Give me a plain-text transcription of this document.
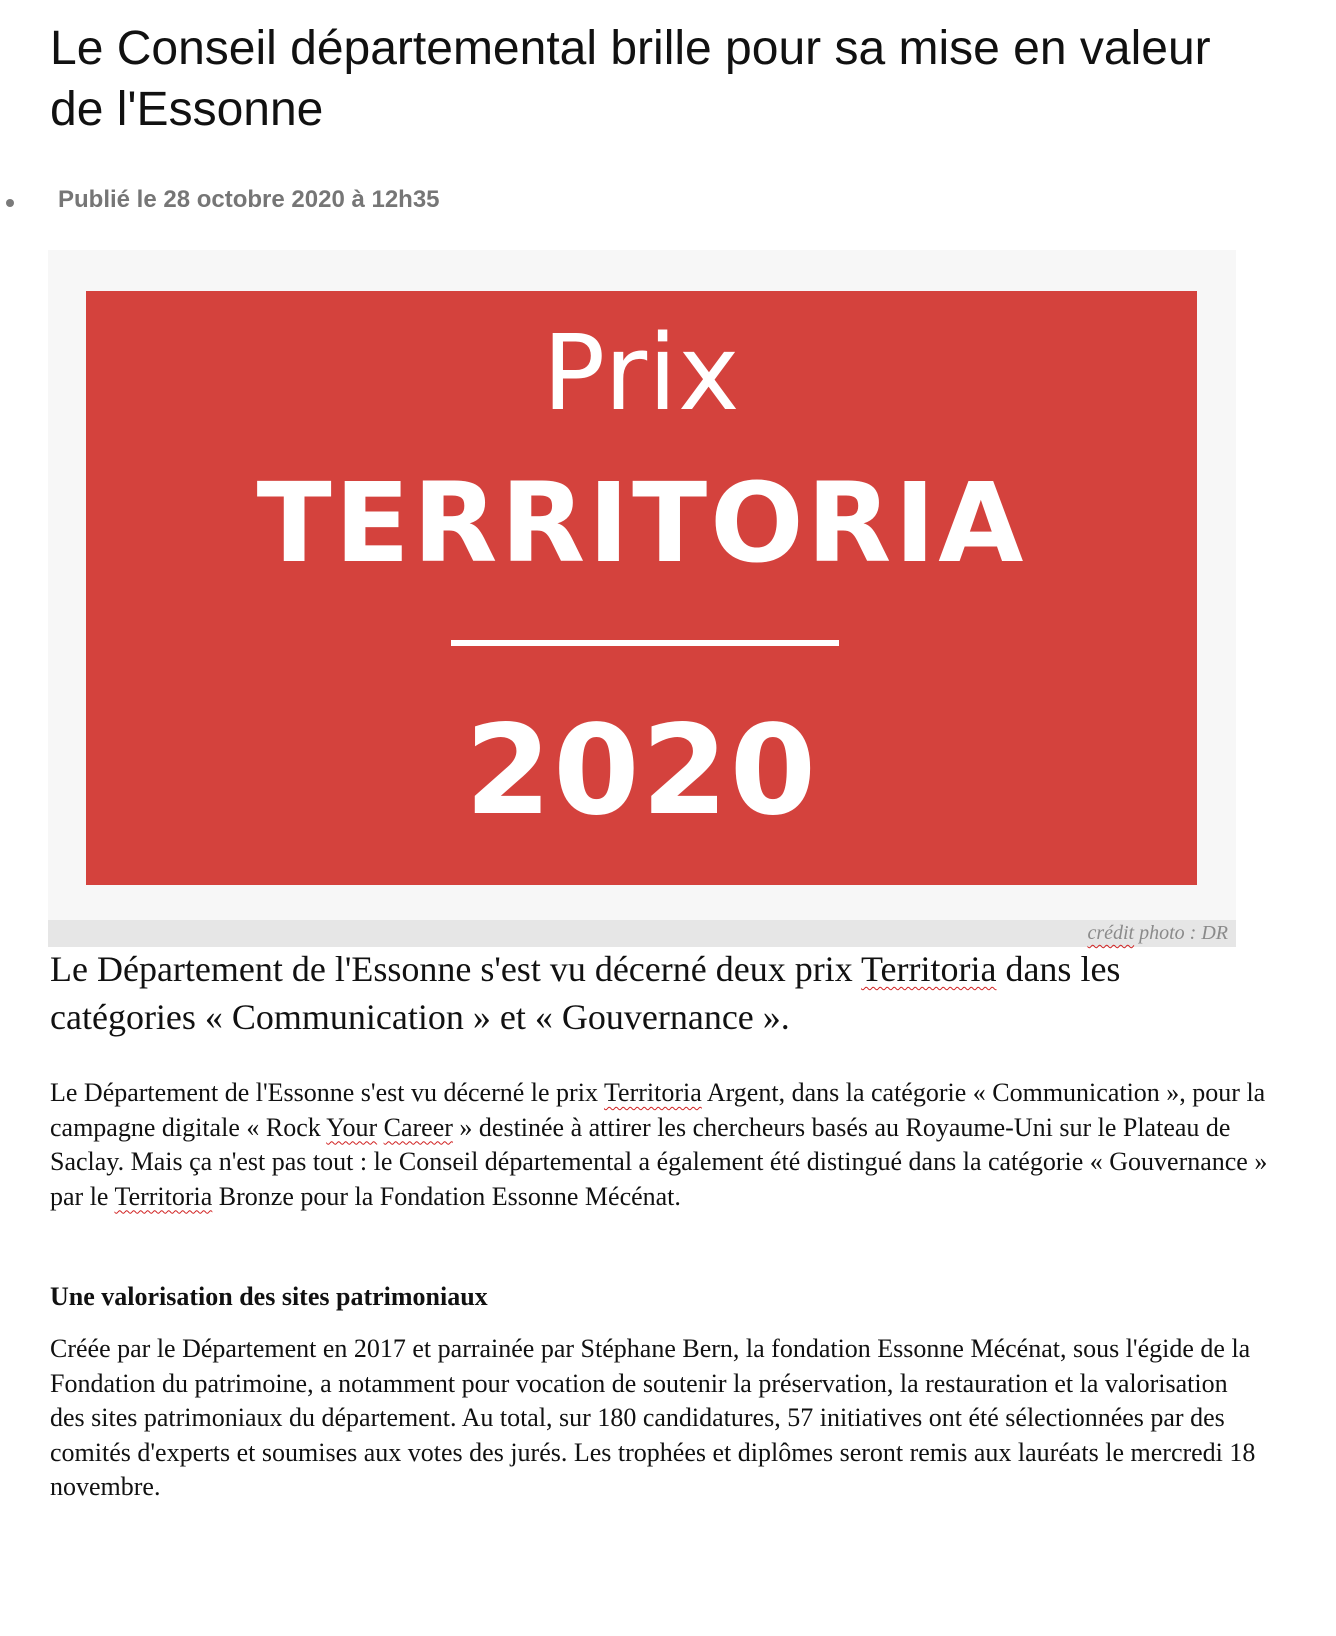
Le Conseil départemental brille pour sa mise en valeur de l'Essonne
Publié le 28 octobre 2020 à 12h35
Prix
TERRITORIA
2020
crédit photo : DR

Le Département de l'Essonne s'est vu décerné deux prix Territoria dans les catégories « Communication » et « Gouvernance ».

Le Département de l'Essonne s'est vu décerné le prix Territoria Argent, dans la catégorie « Communication », pour la campagne digitale « Rock Your Career » destinée à attirer les chercheurs basés au Royaume-Uni sur le Plateau de Saclay. Mais ça n'est pas tout : le Conseil départemental a également été distingué dans la catégorie « Gouvernance » par le Territoria Bronze pour la Fondation Essonne Mécénat.

Une valorisation des sites patrimoniaux

Créée par le Département en 2017 et parrainée par Stéphane Bern, la fondation Essonne Mécénat, sous l'égide de la Fondation du patrimoine, a notamment pour vocation de soutenir la préservation, la restauration et la valorisation des sites patrimoniaux du département. Au total, sur 180 candidatures, 57 initiatives ont été sélectionnées par des comités d'experts et soumises aux votes des jurés. Les trophées et diplômes seront remis aux lauréats le mercredi 18 novembre.
